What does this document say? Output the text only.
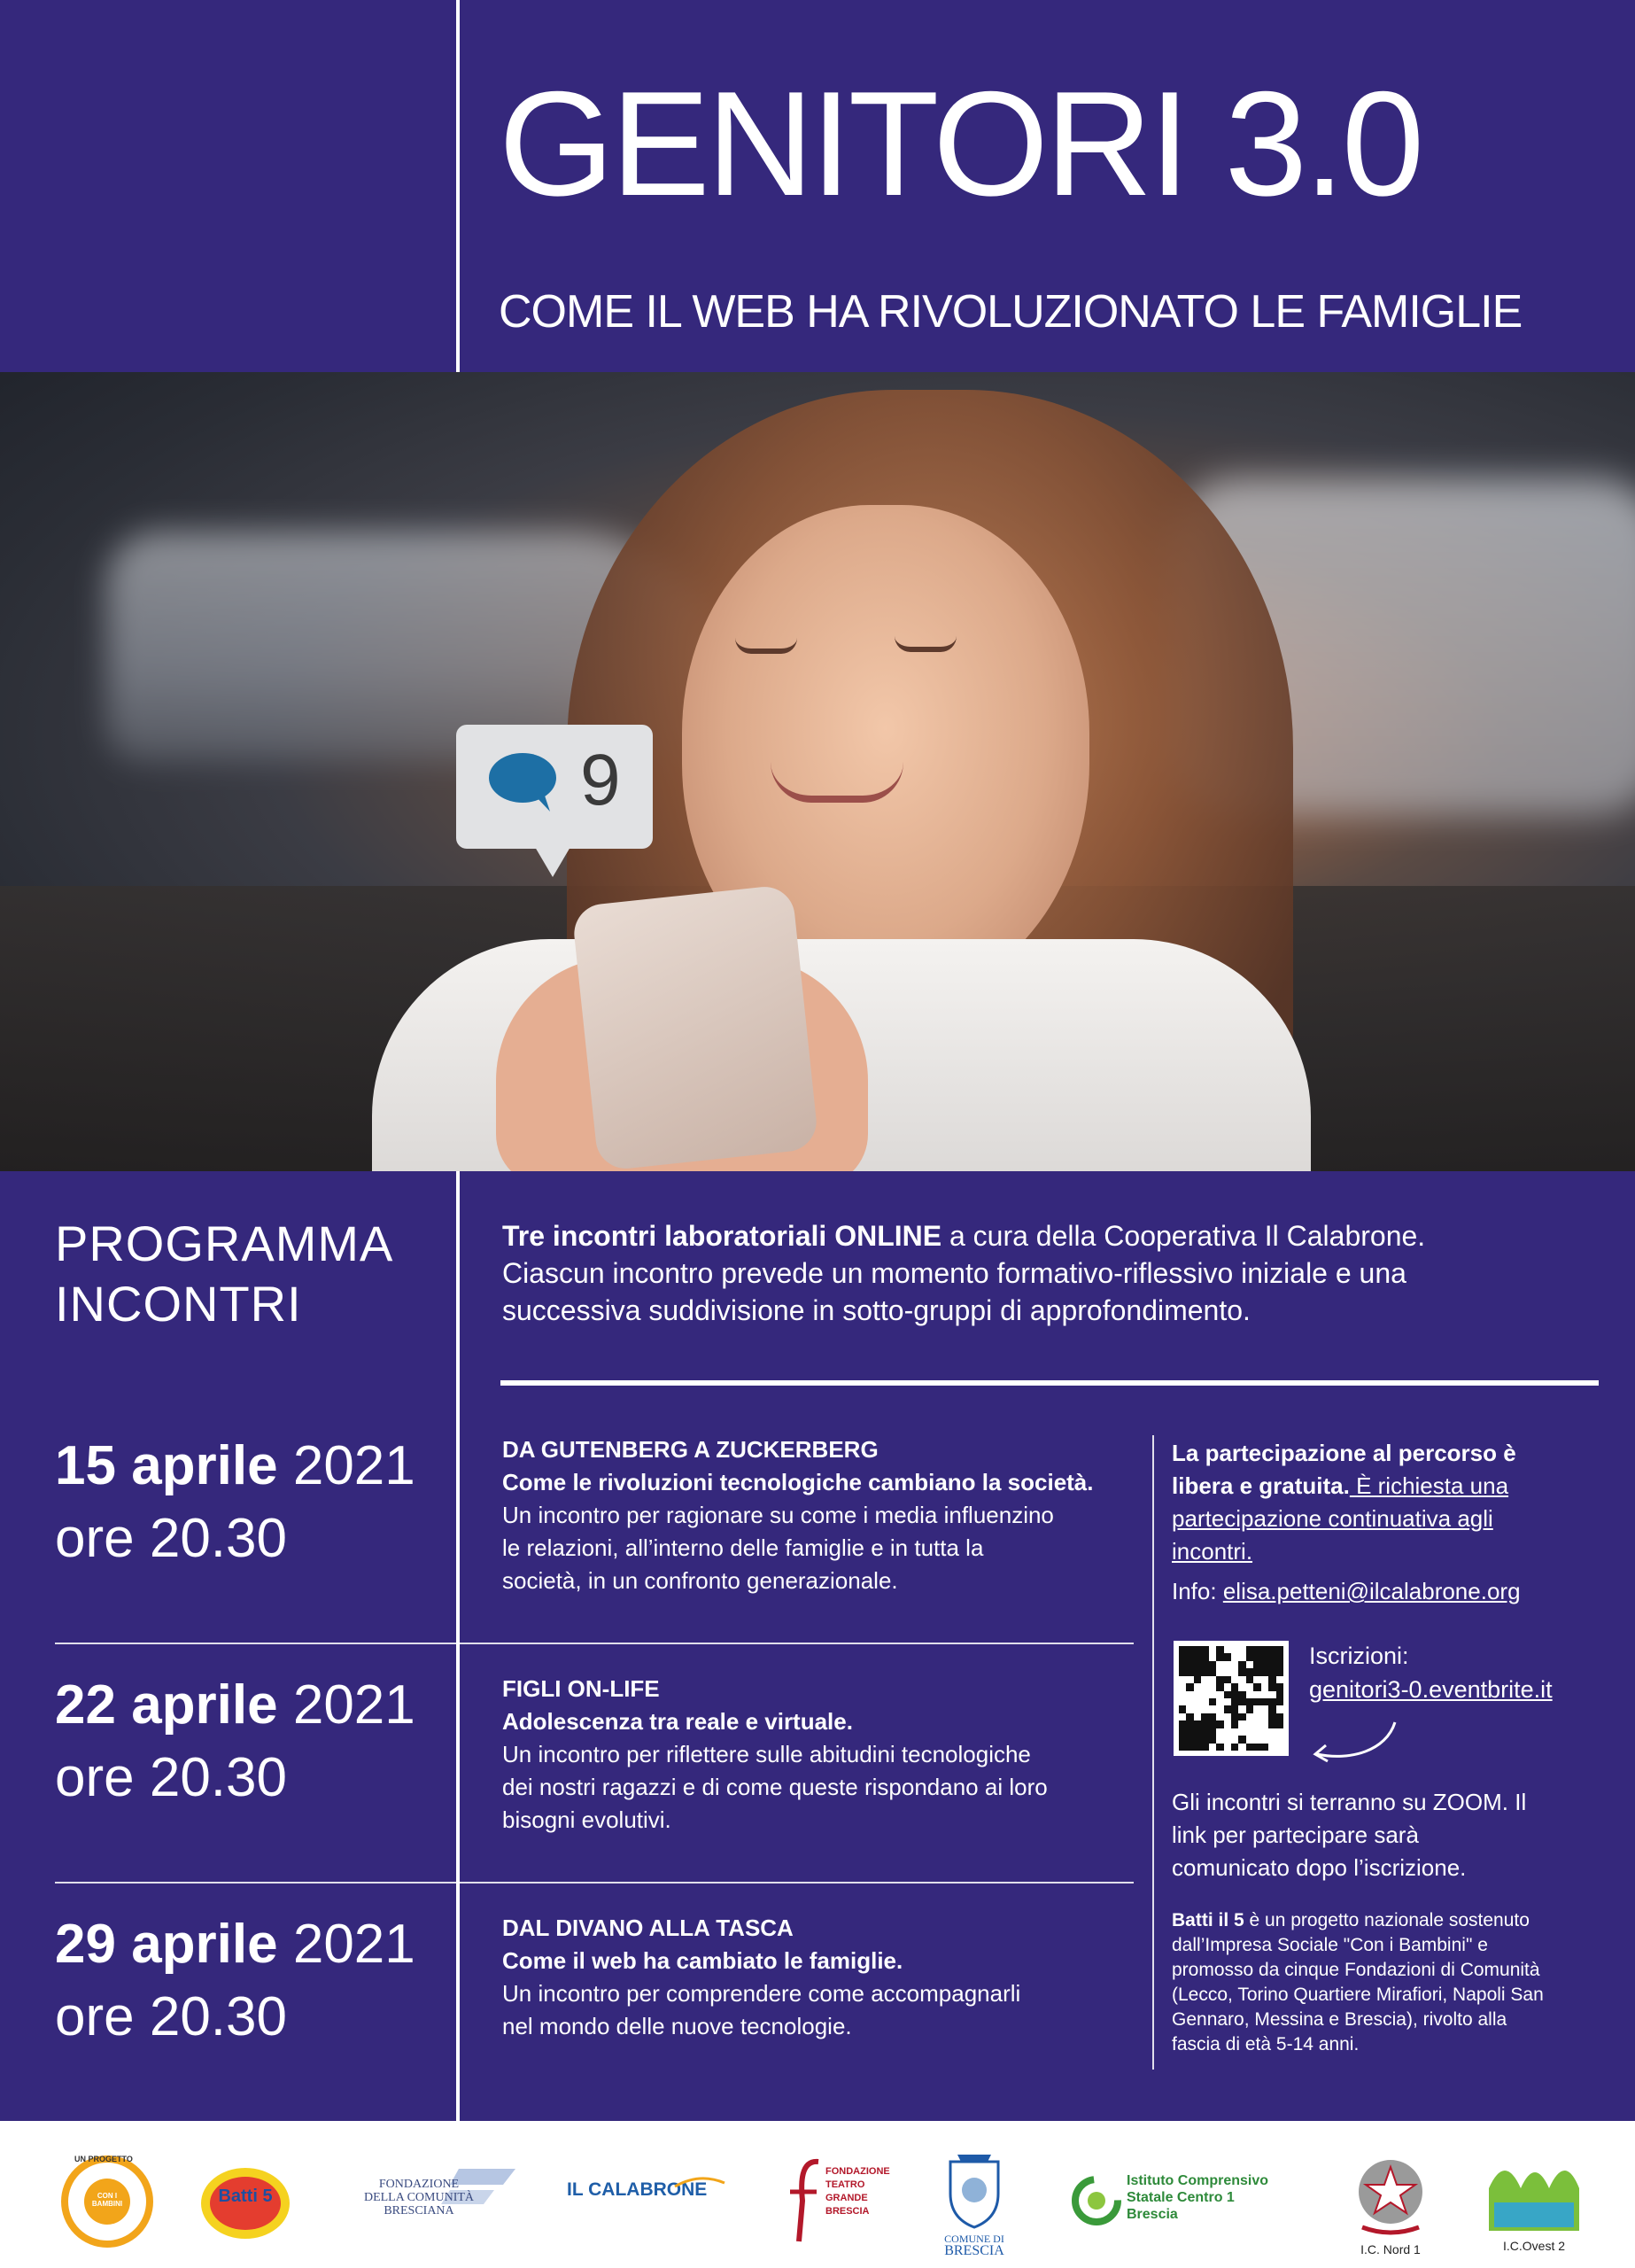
GENITORI 3.0
COME IL WEB HA RIVOLUZIONATO LE FAMIGLIE
9
PROGRAMMA
INCONTRI
Tre incontri laboratoriali ONLINE a cura della Cooperativa Il Calabrone.
Ciascun incontro prevede un momento formativo-riflessivo iniziale e una
successiva suddivisione in sotto-gruppi di approfondimento.
15 aprile 2021
ore 20.30
DA GUTENBERG A ZUCKERBERG
Come le rivoluzioni tecnologiche cambiano la società.
Un incontro per ragionare su come i media influenzino
le relazioni, all’interno delle famiglie e in tutta la
società, in un confronto generazionale.
22 aprile 2021
ore 20.30
FIGLI ON-LIFE
Adolescenza tra reale e virtuale.
Un incontro per riflettere sulle abitudini tecnologiche
dei nostri ragazzi e di come queste rispondano ai loro
bisogni evolutivi.
29 aprile 2021
ore 20.30
DAL DIVANO ALLA TASCA
Come il web ha cambiato le famiglie.
Un incontro per comprendere come accompagnarli
nel mondo delle nuove tecnologie.
La partecipazione al percorso è
libera e gratuita. È richiesta una
partecipazione continuativa agli
incontri.
Info: elisa.petteni@ilcalabrone.org
Iscrizioni:
genitori3-0.eventbrite.it
Gli incontri si terranno su ZOOM. Il
link per partecipare sarà
comunicato dopo l’iscrizione.
Batti il 5 è un progetto nazionale sostenuto
dall’Impresa Sociale "Con i Bambini" e
promosso da cinque Fondazioni di Comunità
(Lecco, Torino Quartiere Mirafiori, Napoli San
Gennaro, Messina e Brescia), rivolto alla
fascia di età 5-14 anni.
UN PROGETTO
CON I BAMBINI	Batti 5
FONDAZIONE
DELLA COMUNITÀ
BRESCIANA
IL CALABRONE
FONDAZIONE
TEATRO
GRANDE
BRESCIA
COMUNE DI
BRESCIA
Istituto Comprensivo
Statale Centro 1
Brescia
I.C. Nord 1	I.C.Ovest 2
